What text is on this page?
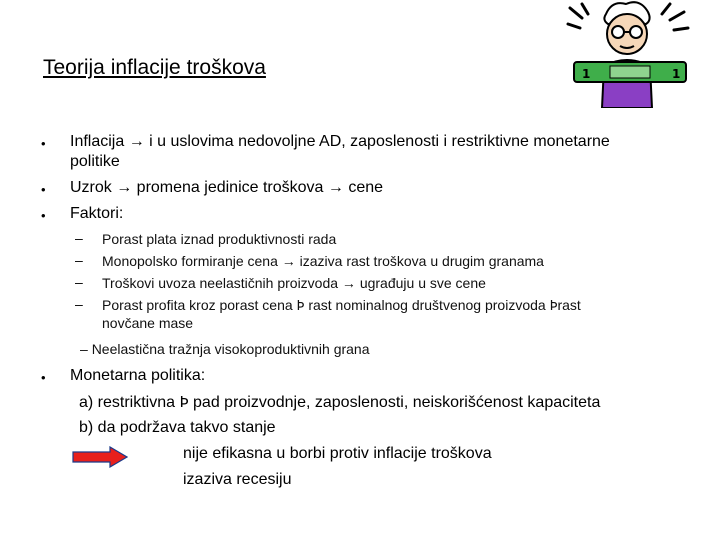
1	1
Teorija inflacije troškova
• Inflacija → i u uslovima nedovoljne AD, zaposlenosti i restriktivne monetarne
politike
• Uzrok → promena jedinice troškova → cene
• Faktori:
– Porast plata iznad produktivnosti rada
– Monopolsko formiranje cena → izaziva rast troškova u drugim granama
– Troškovi uvoza neelastičnih proizvoda → ugrađuju u sve cene
– Porast profita kroz porast cena Þ rast nominalnog društvenog proizvoda Þrast
novčane mase
– Neelastična tražnja visokoproduktivnih grana
• Monetarna politika:
a) restriktivna Þ pad proizvodnje, zaposlenosti, neiskorišćenost kapaciteta
b) da podržava takvo stanje
nije efikasna u borbi protiv inflacije troškova
izaziva recesiju
